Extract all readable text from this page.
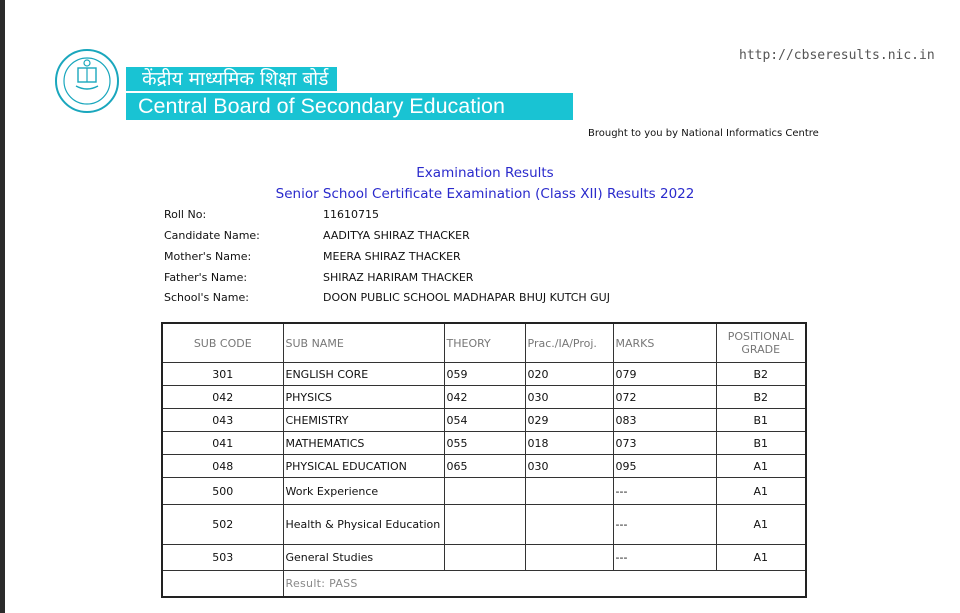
केंद्रीय माध्यमिक शिक्षा बोर्ड
Central Board of Secondary Education
http://cbseresults.nic.in
Brought to you by National Informatics Centre
Examination Results
Senior School Certificate Examination (Class XII) Results 2022
Roll No:	11610715
Candidate Name:	AADITYA SHIRAZ THACKER
Mother's Name:	MEERA SHIRAZ THACKER
Father's Name:	SHIRAZ HARIRAM THACKER
School's Name:	DOON PUBLIC SCHOOL MADHAPAR BHUJ KUTCH GUJ
SUB CODE	SUB NAME	THEORY	Prac./IA/Proj.	MARKS	POSITIONAL GRADE
301	ENGLISH CORE	059	020	079	B2
042	PHYSICS	042	030	072	B2
043	CHEMISTRY	054	029	083	B1
041	MATHEMATICS	055	018	073	B1
048	PHYSICAL EDUCATION	065	030	095	A1
500	Work Experience			---	A1
502	Health & Physical Education			---	A1
503	General Studies			---	A1
	Result: PASS				
